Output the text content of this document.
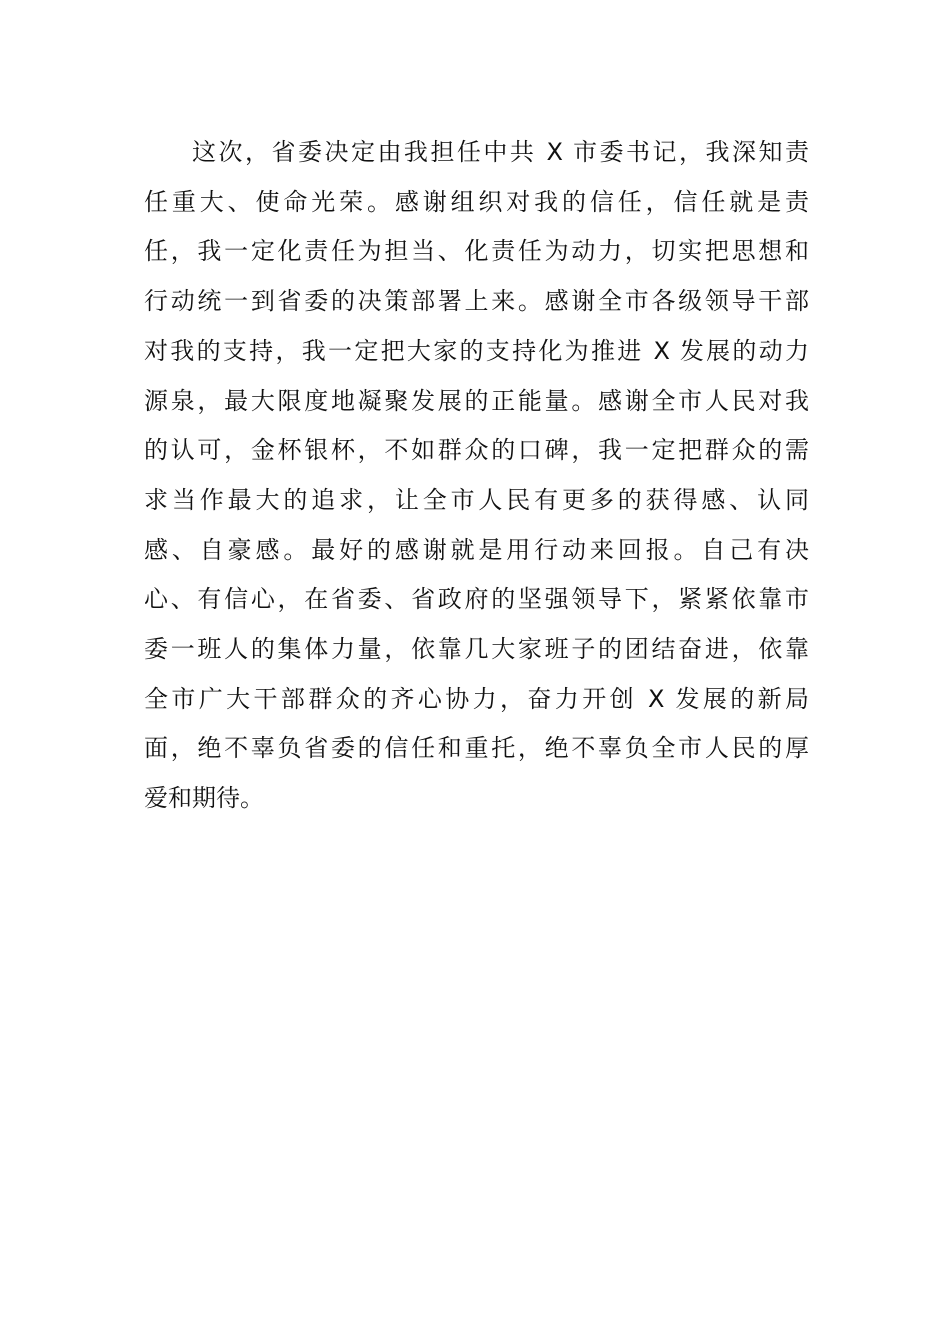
这次，省委决定由我担任中共 X 市委书记，我深知责
任重大、使命光荣。感谢组织对我的信任，信任就是责
任，我一定化责任为担当、化责任为动力，切实把思想和
行动统一到省委的决策部署上来。感谢全市各级领导干部
对我的支持，我一定把大家的支持化为推进 X 发展的动力
源泉，最大限度地凝聚发展的正能量。感谢全市人民对我
的认可，金杯银杯，不如群众的口碑，我一定把群众的需
求当作最大的追求，让全市人民有更多的获得感、认同
感、自豪感。最好的感谢就是用行动来回报。自己有决
心、有信心，在省委、省政府的坚强领导下，紧紧依靠市
委一班人的集体力量，依靠几大家班子的团结奋进，依靠
全市广大干部群众的齐心协力，奋力开创 X 发展的新局
面，绝不辜负省委的信任和重托，绝不辜负全市人民的厚
爱和期待。
